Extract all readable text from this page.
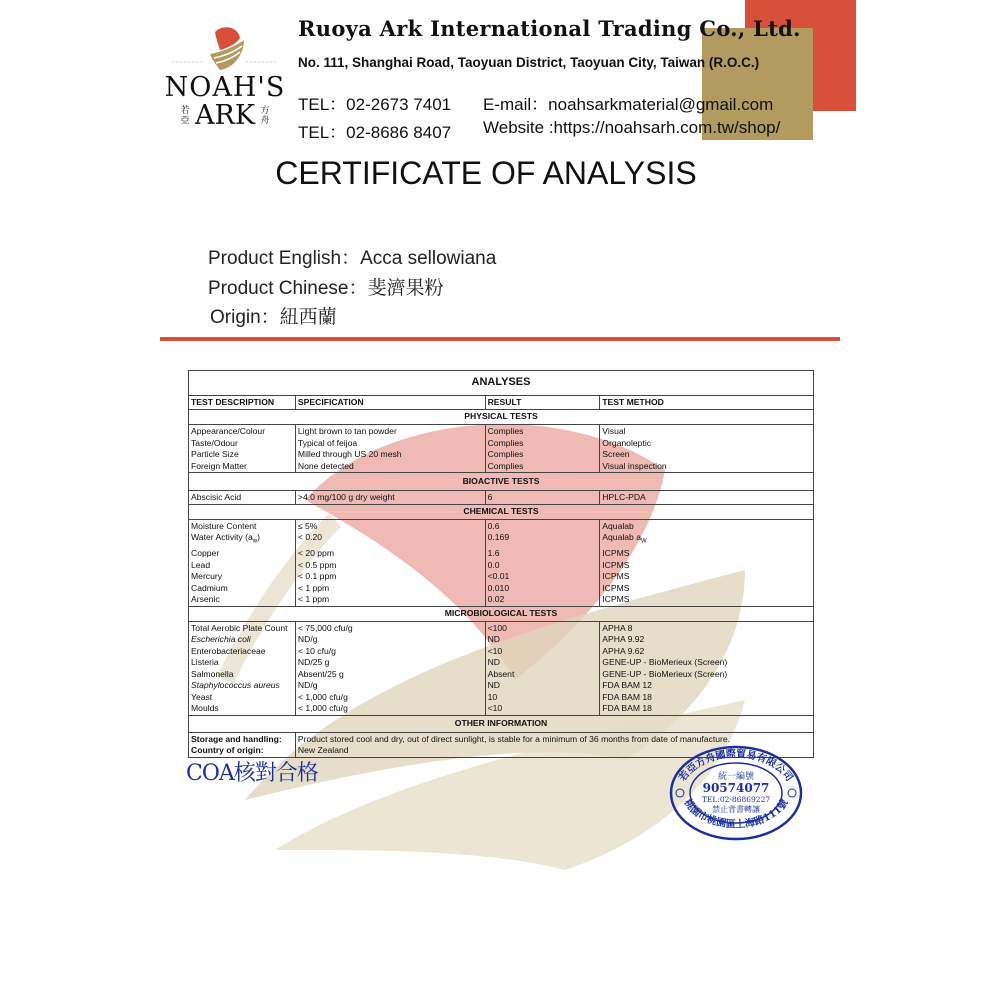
NOAH'S
若亞 ARK 方舟
Ruoya Ark International Trading Co., Ltd.
No. 111, Shanghai Road, Taoyuan District, Taoyuan City, Taiwan (R.O.C.)
TEL：02-2673 7401
TEL：02-8686 8407
E-mail：noahsarkmaterial@gmail.com
Website :https://noahsarh.com.tw/shop/
CERTIFICATE OF ANALYSIS
Product English：Acca sellowiana
Product Chinese：斐濟果粉
Origin：紐西蘭
ANALYSES			
TEST DESCRIPTION	SPECIFICATION	RESULT	TEST METHOD
PHYSICAL TESTS			
Appearance/Colour	Light brown to tan powder	Complies	Visual
Taste/Odour	Typical of feijoa	Complies	Organoleptic
Particle Size	Milled through US 20 mesh	Complies	Screen
Foreign Matter	None detected	Complies	Visual inspection
BIOACTIVE TESTS			
Abscisic Acid	>4.0 mg/100 g dry weight	6	HPLC-PDA
CHEMICAL TESTS			
Moisture Content	≤ 5%	0.6	Aqualab
Water Activity $(a_w)$	< 0.20	0.169	Aqualab $a_W$
Copper	< 20 ppm	1.6	ICPMS
Lead	< 0.5 ppm	0.0	ICPMS
Mercury	< 0.1 ppm	<0.01	ICPMS
Cadmium	< 1 ppm	0.010	ICPMS
Arsenic	< 1 ppm	0.02	ICPMS
MICROBIOLOGICAL TESTS			
Total Aerobic Plate Count	< 75,000 cfu/g	<100	APHA 8
Escherichia coli	ND/g	ND	APHA 9.92
Enterobacteriaceae	< 10 cfu/g	<10	APHA 9.62
Listeria	ND/25 g	ND	GENE-UP - BioMerieux (Screen)
Salmonella	Absent/25 g	Absent	GENE-UP - BioMerieux (Screen)
Staphylococcus aureus	ND/g	ND	FDA BAM 12
Yeast	< 1,000 cfu/g	10	FDA BAM 18
Moulds	< 1,000 cfu/g	<10	FDA BAM 18
OTHER INFORMATION			
Storage and handling:	Product stored cool and dry, out of direct sunlight, is stable for a minimum of 36 months from date of manufacture.		
Country of origin:	New Zealand		
COA核對合格	若亞方舟國際貿易有限公司
桃園市桃園區上海路111號
統一編號
90574077
TEL:02-86869227
禁止背書轉讓
